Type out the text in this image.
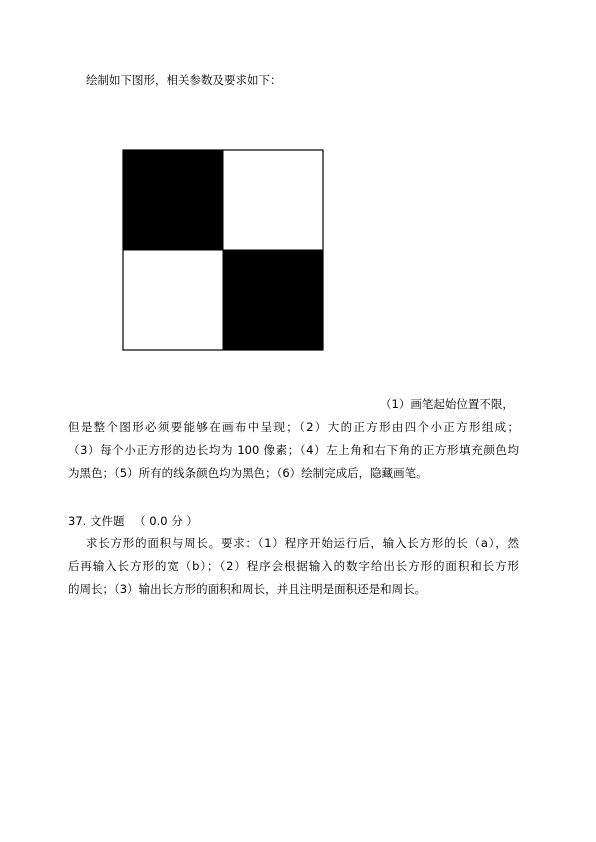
绘制如下图形，相关参数及要求如下：
（1）画笔起始位置不限，
但是整个图形必须要能够在画布中呈现；（2）大的正方形由四个小正方形组成；
（3）每个小正方形的边长均为 100 像素；（4）左上角和右下角的正方形填充颜色均
为黑色；（5）所有的线条颜色均为黑色；（6）绘制完成后，隐藏画笔。
37. 文件题 （ 0.0 分 ）
求长方形的面积与周长。要求：（1）程序开始运行后，输入长方形的长（a），然
后再输入长方形的宽（b）；（2）程序会根据输入的数字给出长方形的面积和长方形
的周长；（3）输出长方形的面积和周长，并且注明是面积还是和周长。
